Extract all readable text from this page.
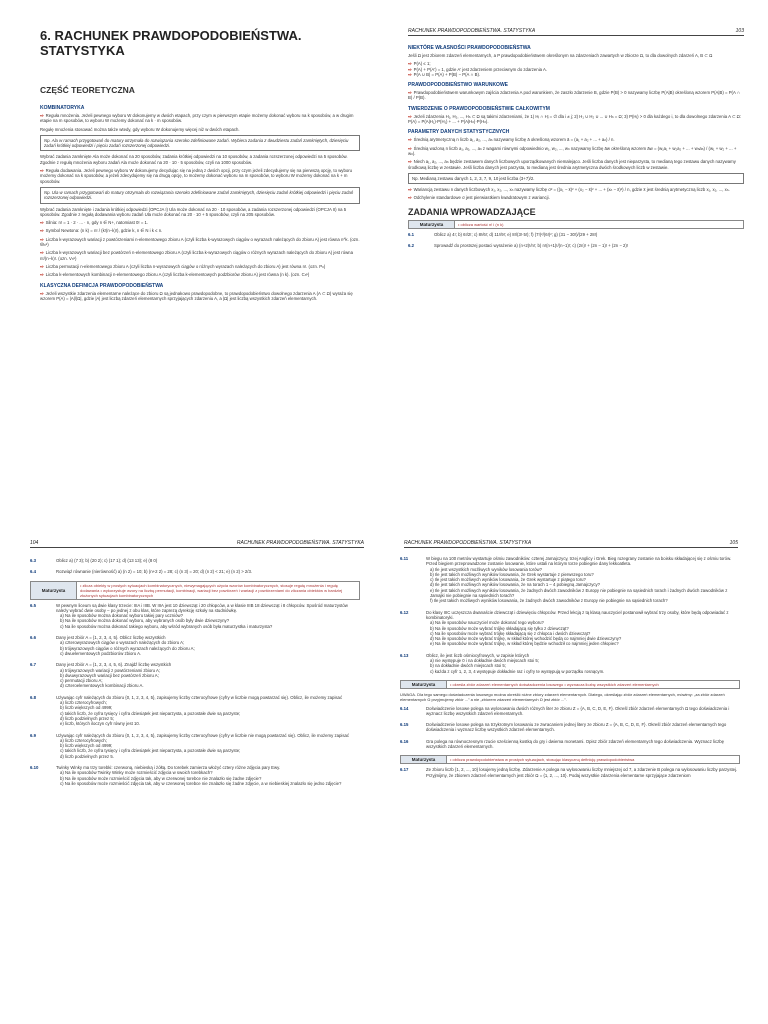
6. RACHUNEK PRAWDOPODOBIEŃSTWA. STATYSTYKA
CZĘŚĆ TEORETYCZNA
KOMBINATORYKA
⇨ Reguła mnożenia. Jeżeli pewnego wyboru W dokonujemy w dwóch etapach, przy czym w pierwszym etapie możemy dokonać wyboru na k sposobów, a w drugim etapie na m sposobów, to wyboru W możemy dokonać na k · m sposobów.
Regułę mnożenia stosować można także wtedy, gdy wyboru W dokonujemy więcej niż w dwóch etapach.
Np. Ala w ramach przygotowań do matury otrzymała do rozwiązania szeroko zdefiniowane zadań. Wybiera zadania z dwudziestu zadań zamkniętych, dziesięciu zadań krótkiej odpowiedzi i pięciu zadań rozszerzonej odpowiedzi.
Wybrać zadania zamknięte Ala może dokonać na 20 sposobów, zadania krótkiej odpowiedzi na 10 sposobów, a zadania rozszerzonej odpowiedzi na 5 sposobów. Zgodnie z regułą mnożenia wyboru zadań Ala może dokonać na 20 · 10 · 5 sposobów, czyli na 1000 sposobów.
⇨ Reguła dodawania. Jeżeli pewnego wyboru W dokonujemy decydując się na jedną z dwóch opcji, przy czym jeżeli zdecydujemy się na pierwszą opcję, to wyboru możemy dokonać na k sposobów, a jeżeli zdecydujemy się na drugą opcję, to możemy dokonać wyboru na m sposobów, to wyboru W możemy dokonać na k + m sposobów.
Np. Ula w ramach przygotowań do matury otrzymała do rozwiązania szeroko zdefiniowane zadań zamkniętych, dziesięciu zadań krótkiej odpowiedzi i pięciu zadań rozszerzonej odpowiedzi.
Wybrać zadania zamknięte i zadania krótkiej odpowiedzi (OPCJA I) Ula może dokonać na 20 · 10 sposobów, a zadania rozszerzonej odpowiedzi (OPCJA II) na 5 sposobów. Zgodnie z regułą dodawania wyboru zadań Ula może dokonać na 20 · 10 + 5 sposobów, czyli na 205 sposobów.
⇨ Silnia: n! = 1 · 2 · ... · n, gdy n ∈ N+, natomiast 0! = 1.
⇨ Symbol Newtona: (n k) = n! / (k!(n−k)!), gdzie k, n ∈ N i k ≤ n.
⇨ Liczba k-wyrazowych wariacji z powtórzeniami n-elementowego zbioru A (czyli liczba k-wyrazowych ciągów o wyrazach należących do zbioru A) jest równa n^k. (ozn. W̄ₙᵏ)
⇨ Liczba k-wyrazowych wariacji bez powtórzeń n-elementowego zbioru A (czyli liczba k-wyrazowych ciągów o różnych wyrazach należących do zbioru A) jest równa n!/(n−k)!. (ozn. Vₙᵏ)
⇨ Liczba permutacji n-elementowego zbioru A (czyli liczba n-wyrazowych ciągów o różnych wyrazach należących do zbioru A) jest równa n!. (ozn. Pₙ)
⇨ Liczba k-elementowych kombinacji n-elementowego zbioru A (czyli liczba k-elementowych podzbiorów zbioru A) jest równa (n k). (ozn. Cₙᵏ)
KLASYCZNA DEFINICJA PRAWDOPODOBIEŃSTWA
⇨ Jeżeli wszystkie zdarzenia elementarne należące do zbioru Ω są jednakowo prawdopodobne, to prawdopodobieństwo dowolnego zdarzenia A (A ⊂ Ω) wyraża się wzorem P(A) = |A|/|Ω|, gdzie |A| jest liczbą zdarzeń elementarnych sprzyjających zdarzeniu A, a |Ω| jest liczbą wszystkich zdarzeń elementarnych.
RACHUNEK PRAWDOPODOBIEŃSTWA. STATYSTYKA	103
NIEKTÓRE WŁASNOŚCI PRAWDOPODOBIEŃSTWA
Jeśli Ω jest zbiorem zdarzeń elementarnych, a P prawdopodobieństwem określonym na zdarzeniach zawartych w zbiorze Ω, to dla dowolnych zdarzeń A, B ⊂ Ω
⇨ P(A) ≤ 1;
⇨ P(A) + P(A′) = 1, gdzie A′ jest zdarzeniem przeciwnym do zdarzenia A.
⇨ P(A ∪ B) = P(A) + P(B) − P(A ∩ B).
PRAWDOPODOBIEŃSTWO WARUNKOWE
⇨ Prawdopodobieństwem warunkowym zajścia zdarzenia A pod warunkiem, że zaszło zdarzenie B, gdzie P(B) > 0 nazywamy liczbę P(A|B) określoną wzorem P(A|B) = P(A ∩ B) / P(B).
TWIERDZENIE O PRAWDOPODOBIEŃSTWIE CAŁKOWITYM
⇨ Jeżeli zdarzenia H₁, H₂, ..., Hₙ ⊂ Ω są takimi zdarzeniami, że 1) Hᵢ ∩ Hⱼ = ∅ dla i ≠ j; 2) H₁ ∪ H₂ ∪ ... ∪ Hₙ = Ω; 3) P(Hᵢ) > 0 dla każdego i, to dla dowolnego zdarzenia A ⊂ Ω: P(A) = P(A|H₁)·P(H₁) + ... + P(A|Hₙ)·P(Hₙ).
PARAMETRY DANYCH STATYSTYCZNYCH
⇨ Średnią arytmetyczną n liczb a₁, a₂, ..., aₙ nazywamy liczbę ā określoną wzorem ā = (a₁ + a₂ + ... + aₙ) / n.
⇨ Średnią ważoną n liczb a₁, a₂, ..., aₙ z wagami równymi odpowiednio w₁, w₂, ..., wₙ nazywamy liczbę āw określoną wzorem āw = (w₁a₁ + w₂a₂ + ... + wₙaₙ) / (w₁ + w₂ + ... + wₙ).
⇨ Niech a₁, a₂, ..., aₙ będzie zestawem danych liczbowych uporządkowanych niemalejąco. Jeśli liczba danych jest nieparzysta, to medianą tego zestawu danych nazywamy środkową liczbę w zestawie. Jeśli liczba danych jest parzysta, to medianą jest średnia arytmetyczna dwóch środkowych liczb w zestawie.
Np. Medianą zestawu danych 1, 2, 3, 7, 9, 10 jest liczba (3+7)/2.
⇨ Wariancją zestawu n danych liczbowych x₁, x₂, ..., xₙ nazywamy liczbę σ² = ((x₁ − x̄)² + (x₂ − x̄)² + ... + (xₙ − x̄)²) / n, gdzie x̄ jest średnią arytmetyczną liczb x₁, x₂, ..., xₙ.
⇨ Odchylenie standardowe σ jest pierwiastkiem kwadratowym z wariancji.
ZADANIA WPROWADZAJĄCE
Maturzysta	• oblicza wartość n! i (n k)
6.1	Oblicz a) 4!; b) 6!/2!; c) 8!/6!; d) 11!/9!; e) 8!/(3!·5!); f) (7!)²/(6!)²; g) (31 − 30!)/(29 + 28!)
6.2	Sprowadź do prostszej postaci wyrażenie a) (n+2)!/n!; b) n!(n+1)!/(n−1)!; c) (2n)! + (2n − 1)! + (2n − 2)!
104	RACHUNEK PRAWDOPODOBIEŃSTWA. STATYSTYKA
6.3	Oblicz a) (7 3); b) (20 2); c) (17 1); d) (13 13); e) (8 0)
6.4	Rozwiąż równanie (nierówność) a) (n 2) = 10; b) (n+2 2) = 28; c) (n 3) = 20; d) (n 2) < 21; e) (n 2) > 2/3.
Maturzysta
• zlicza obiekty w prostych sytuacjach kombinatorycznych, niewymagających użycia wzorów kombinatorycznych, stosuje regułę mnożenia i regułę dodawania • wykorzystuje wzory na liczbę permutacji, kombinacji, wariacji bez powtórzeń i wariacji z powtórzeniami do zliczania obiektów w bardziej złożonych sytuacjach kombinatorycznych
6.5	W pewnym liceum są dwie klasy trzecie: IIIA i IIIB. W IIIA jest 10 dziewcząt i 20 chłopców, a w klasie IIIB 18 dziewcząt i 8 chłopców. Spośród maturzystów należy wybrać dwie osoby – po jednej z obu klas, które zaprezą dyrekcję szkoły na studniówkę.
a) Na ile sposobów można dokonać wyboru takiej pary uczniów?
b) Na ile sposobów można dokonać wyboru, aby wybranych osób były dwie dziewczyny?
c) Na ile sposobów można dokonać takiego wyboru, aby wśród wybranych osób była maturzystka i maturzysta?
6.6	Dany jest zbiór A = {1, 2, 3, 4, 5}. Oblicz liczbę wszystkich
a) czterowyrazowych ciągów o wyrazach należących do zbioru A;
b) trójwyrazowych ciągów o różnych wyrazach należących do zbioru A;
c) dwuelementowych podzbiorów zbioru A.
6.7	Dany jest zbiór A = {1, 2, 3, 4, 5, 6}. Znajdź liczbę wszystkich
a) trójwyrazowych wariacji z powtórzeniami zbioru A;
b) dwuwyrazowych wariacji bez powtórzeń zbioru A;
c) permutacji zbioru A;
d) czteroelementowych kombinacji zbioru A.
6.8	Używając cyfr należących do zbioru {0, 1, 2, 3, 4, 5}, zapisujemy liczby czterocyfrowe (cyfry w liczbie mogą powtarzać się). Oblicz, ile możemy zapisać
a) liczb czterocyfrowych;
b) liczb większych od 4999;
c) takich liczb, że cyfra tysięcy i cyfra dziesiątek jest nieparzysta, a pozostałe dwie są parzyste;
d) liczb podzielnych przez 5;
e) liczb, których iloczyn cyfr równy jest 10.
6.9	Używając cyfr należących do zbioru {0, 1, 2, 3, 4, 5}, zapisujemy liczby czterocyfrowe (cyfry w liczbie nie mogą powtarzać się). Oblicz, ile możemy zapisać
a) liczb czterocyfrowych;
b) liczb większych od 4999;
c) takich liczb, że cyfra tysięcy i cyfra dziesiątek jest nieparzysta, a pozostałe dwie są parzyste;
d) liczb podzielnych przez 5.
6.10	Twinky Winky ma trzy torebki: czerwoną, niebieską i żółtą. Do torebek zamierza włożyć cztery różne zdjęcia pary Ewy.
a) Na ile sposobów Twinky Winky może rozmieścić zdjęcia w swoich torebkach?
b) Na ile sposobów może rozmieścić zdjęcia tak, aby w czerwonej torebce nie znalazło się żadne zdjęcie?
c) Na ile sposobów może rozmieścić zdjęcia tak, aby w czerwonej torebce nie znalazło się żadne zdjęcie, a w niebieskiej znalazło się jedno zdjęcie?
RACHUNEK PRAWDOPODOBIEŃSTWA. STATYSTYKA	105
6.11	W biegu na 100 metrów wystartuje ośmiu zawodników: czterej Jamajczycy, trzej Anglicy i Grek. Bieg rozegrany zostanie na boisku składającej się z ośmiu torów. Przed biegiem przeprowadzone zostanie losowanie, które ustali na którym torze pobiegnie dany lekkoatleta.
a) Ile jest wszystkich możliwych wyników losowania torów?
b) Ile jest takich możliwych wyników losowania, że Grek wystartuje z pierwszego toru?
c) Ile jest takich możliwych wyników losowania, że Grek wystartuje z piątego toru?
d) Ile jest takich możliwych wyników losowania, że na torach 1 – 4 pobiegną Jamajczycy?
e) Ile jest takich możliwych wyników losowania, że żadnych dwóch zawodników z Europy nie pobiegnie na sąsiednich torach i żadnych dwóch zawodników z Jamajki nie pobiegnie na sąsiednich torach?
f) Ile jest takich możliwych wyników losowania, że żadnych dwóch zawodników z Europy nie pobiegnie na sąsiednich torach?
6.12	Do klasy IIIC uczęszcza dwanaście dziewcząt i dziewięciu chłopców. Przed lekcją z tą klasą nauczyciel postanowił wybrać trzy osoby, które będą odpowiadać z kombinatoryki.
a) Na ile sposobów nauczyciel może dokonać tego wyboru?
b) Na ile sposobów może wybrać trójkę składającą się tylko z dziewcząt?
c) Na ile sposobów może wybrać trójkę składającą się z chłopca i dwóch dziewcząt?
d) Na ile sposobów może wybrać trójkę, w skład której wchodzić będą co najmniej dwie dziewczyny?
e) Na ile sposobów może wybrać trójkę, w skład której będzie wchodził co najmniej jeden chłopiec?
6.13	Oblicz, ile jest liczb ośmiocyfrowych, w zapisie których
a) nie występuje 0 i na dokładnie dwóch miejscach stoi 5;
b) na dokładnie dwóch miejscach stoi 5;
c) każda z cyfr 1, 2, 3, 4 występuje dokładnie raz i cyfry te występują w porządku rosnącym.
Maturzysta	• określa zbiór zdarzeń elementarnych doświadczenia losowego • wyznacza liczbę wszystkich zdarzeń elementarnych
UWAGA. Dla tego samego doświadczenia losowego można określić różne zbiory zdarzeń elementarnych. Dlatego, określając zbiór zdarzeń elementarnych, mówimy: „za zbiór zdarzeń elementarnych Ω przyjmujemy zbiór ...” a nie „zbiorem zdarzeń elementarnych Ω jest zbiór ...”.
6.14	Doświadczenie losowe polega na wylosowaniu dwóch różnych liter ze zbioru Z = {A, B, C, D, E, F}. Określ zbiór zdarzeń elementarnych Ω tego doświadczenia i wyznacz liczbę wszystkich zdarzeń elementarnych.
6.15	Doświadczenie losowe polega na trzykrotnym losowaniu ze zwracaniem jednej litery ze zbioru Z = {A, B, C, D, E, F}. Określ zbiór zdarzeń elementarnych tego doświadczenia i wyznacz liczbę wszystkich zdarzeń elementarnych.
6.16	Gra polega na równoczesnym rzucie sześcienną kostką do gry i dwiema monetami. Opisz zbiór zdarzeń elementarnych tego doświadczenia. Wyznacz liczbę wszystkich zdarzeń elementarnych.
Maturzysta	• oblicza prawdopodobieństwa w prostych sytuacjach, stosując klasyczną definicję prawdopodobieństwa
6.17	Ze zbioru liczb {1, 2, ..., 10} losujemy jedną liczbę. Zdarzenie A polega na wylosowaniu liczby mniejszej od 7, a zdarzenie B polega na wylosowaniu liczby parzystej. Przyjmijmy, że zbiorem zdarzeń elementarnych jest zbiór Ω = {1, 2, ..., 10}. Podaj wszystkie zdarzenia elementarne sprzyjające zdarzeniom
